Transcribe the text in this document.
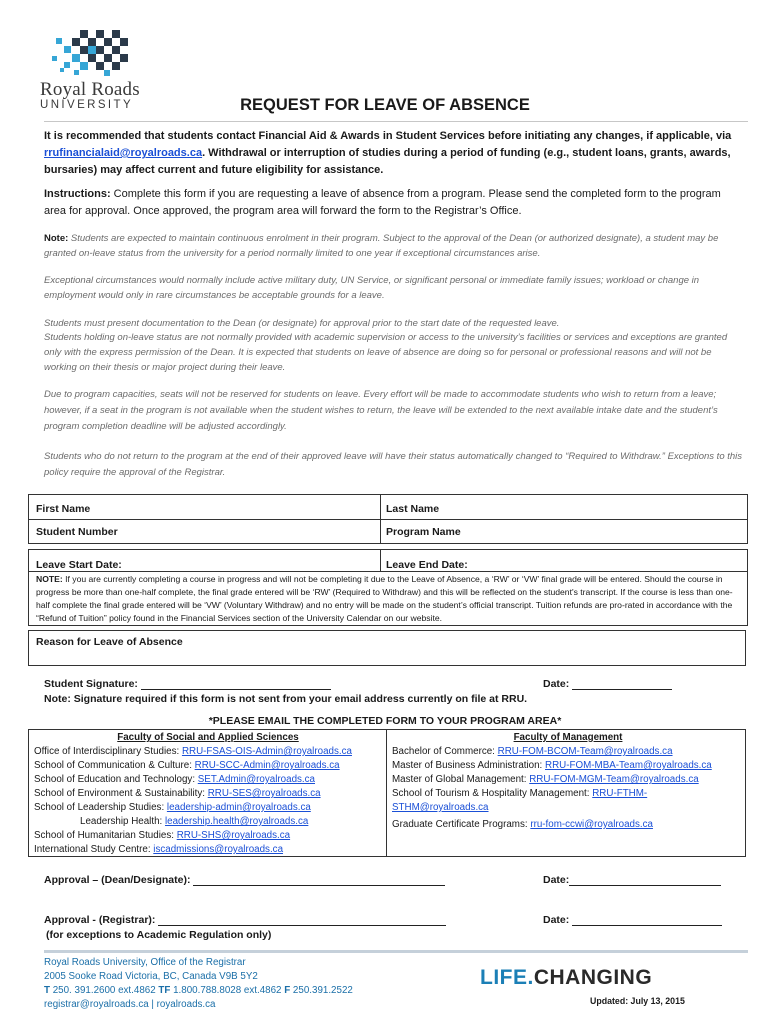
Royal Roads
UNIVERSITY	REQUEST FOR LEAVE OF ABSENCE
It is recommended that students contact Financial Aid & Awards in Student Services before initiating any changes, if applicable, via rrufinancialaid@royalroads.ca. Withdrawal or interruption of studies during a period of funding (e.g., student loans, grants, awards, bursaries) may affect current and future eligibility for assistance.
Instructions: Complete this form if you are requesting a leave of absence from a program. Please send the completed form to the program area for approval. Once approved, the program area will forward the form to the Registrar’s Office.
Note: Students are expected to maintain continuous enrolment in their program. Subject to the approval of the Dean (or authorized designate), a student may be granted on-leave status from the university for a period normally limited to one year if exceptional circumstances arise.
Exceptional circumstances would normally include active military duty, UN Service, or significant personal or immediate family issues; workload or change in employment would only in rare circumstances be acceptable grounds for a leave.
Students must present documentation to the Dean (or designate) for approval prior to the start date of the requested leave.
Students holding on-leave status are not normally provided with academic supervision or access to the university’s facilities or services and exceptions are granted only with the express permission of the Dean. It is expected that students on leave of absence are doing so for personal or professional reasons and will not be working on their thesis or major project during their leave.
Due to program capacities, seats will not be reserved for students on leave. Every effort will be made to accommodate students who wish to return from a leave; however, if a seat in the program is not available when the student wishes to return, the leave will be extended to the next available intake date and the student’s program completion deadline will be adjusted accordingly.
Students who do not return to the program at the end of their approved leave will have their status automatically changed to “Required to Withdraw.” Exceptions to this policy require the approval of the Registrar.
First Name	Last Name
Student Number	Program Name
Leave Start Date:	Leave End Date:
NOTE: If you are currently completing a course in progress and will not be completing it due to the Leave of Absence, a ‘RW’ or ‘VW’ final grade will be entered. Should the course in progress be more than one-half complete, the final grade entered will be ‘RW’ (Required to Withdraw) and this will be reflected on the student's transcript. If the course is less than one-half complete the final grade entered will be ‘VW’ (Voluntary Withdraw) and no entry will be made on the student’s official transcript. Tuition refunds are pro-rated in accordance with the “Refund of Tuition” policy found in the Financial Services section of the University Calendar on our website.
Reason for Leave of Absence
Student Signature:	Date:
Note: Signature required if this form is not sent from your email address currently on file at RRU.
*PLEASE EMAIL THE COMPLETED FORM TO YOUR PROGRAM AREA*
Faculty of Social and Applied Sciences
Office of Interdisciplinary Studies: RRU-FSAS-OIS-Admin@royalroads.ca
School of Communication & Culture: RRU-SCC-Admin@royalroads.ca
School of Education and Technology: SET.Admin@royalroads.ca
School of Environment & Sustainability: RRU-SES@royalroads.ca
School of Leadership Studies: leadership-admin@royalroads.ca
Leadership Health: leadership.health@royalroads.ca
School of Humanitarian Studies: RRU-SHS@royalroads.ca
International Study Centre: iscadmissions@royalroads.ca
Faculty of Management
Bachelor of Commerce: RRU-FOM-BCOM-Team@royalroads.ca
Master of Business Administration: RRU-FOM-MBA-Team@royalroads.ca
Master of Global Management: RRU-FOM-MGM-Team@royalroads.ca
School of Tourism & Hospitality Management: RRU-FTHM-
STHM@royalroads.ca
Graduate Certificate Programs: rru-fom-ccwi@royalroads.ca
Approval – (Dean/Designate):	Date:
Approval - (Registrar):	Date:
(for exceptions to Academic Regulation only)
Royal Roads University, Office of the Registrar
2005 Sooke Road Victoria, BC, Canada V9B 5Y2
T 250. 391.2600 ext.4862 TF 1.800.788.8028 ext.4862 F 250.391.2522
registrar@royalroads.ca | royalroads.ca
LIFE.CHANGING
Updated: July 13, 2015
